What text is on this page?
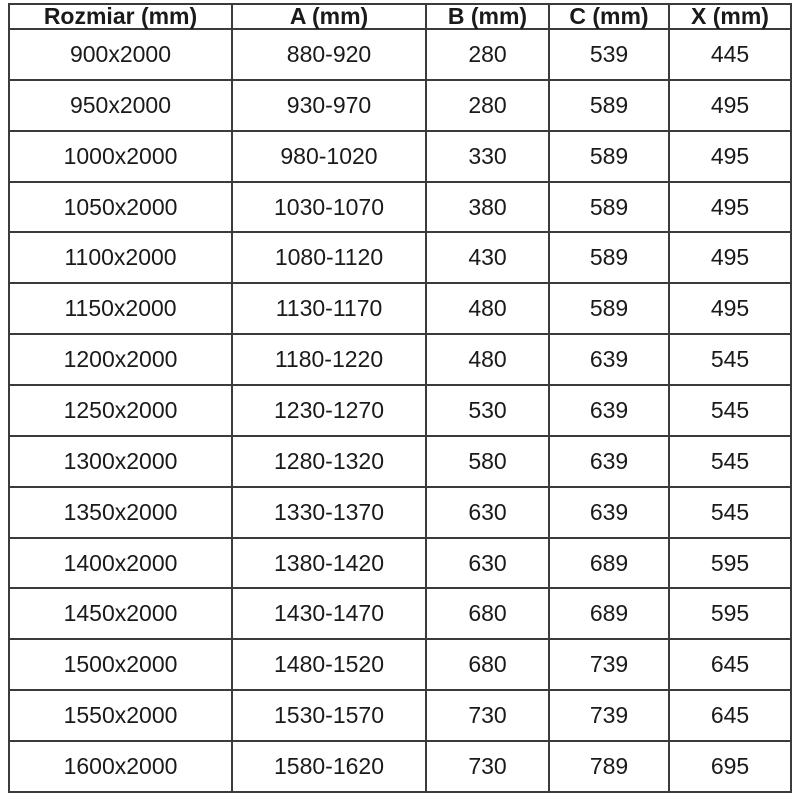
Rozmiar (mm)	A (mm)	B (mm)	C (mm)	X (mm)
900x2000	880-920	280	539	445
950x2000	930-970	280	589	495
1000x2000	980-1020	330	589	495
1050x2000	1030-1070	380	589	495
1100x2000	1080-1120	430	589	495
1150x2000	1130-1170	480	589	495
1200x2000	1180-1220	480	639	545
1250x2000	1230-1270	530	639	545
1300x2000	1280-1320	580	639	545
1350x2000	1330-1370	630	639	545
1400x2000	1380-1420	630	689	595
1450x2000	1430-1470	680	689	595
1500x2000	1480-1520	680	739	645
1550x2000	1530-1570	730	739	645
1600x2000	1580-1620	730	789	695
